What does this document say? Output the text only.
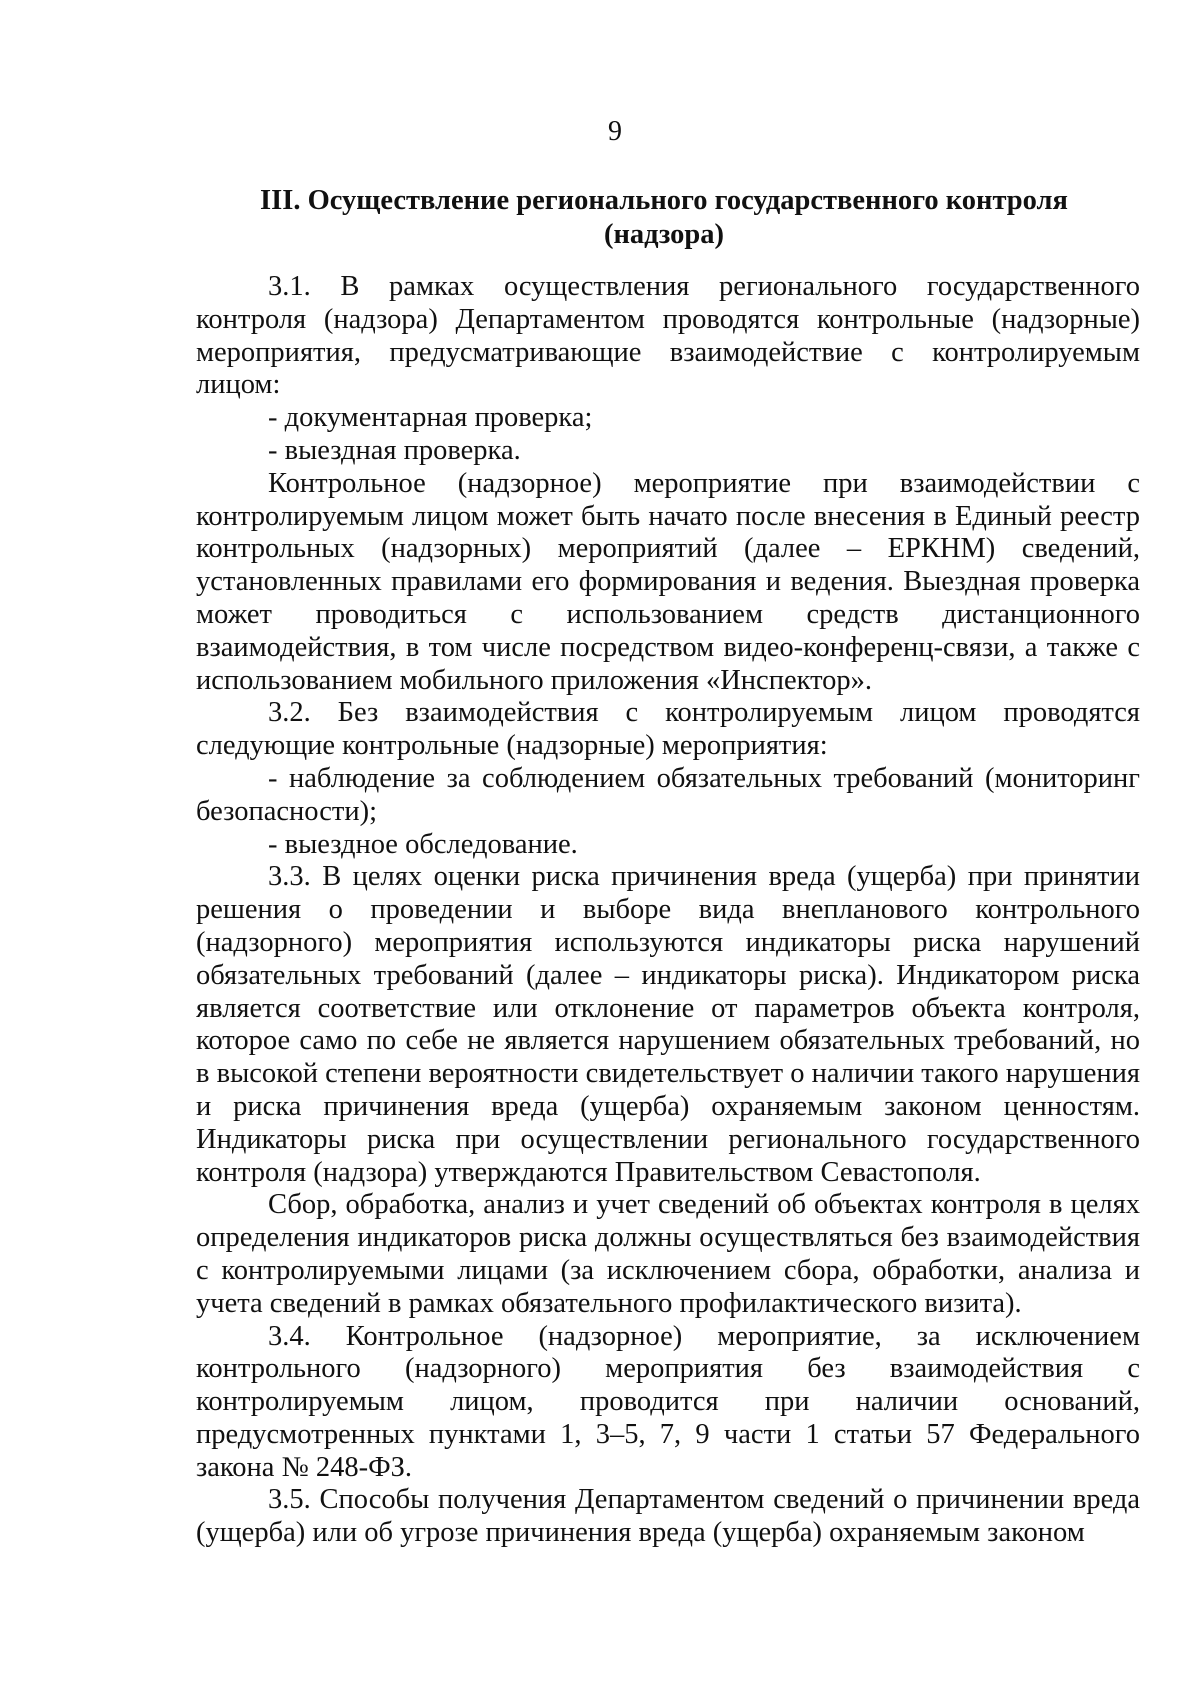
9
III. Осуществление регионального государственного контроля
(надзора)

3.1. В рамках осуществления регионального государственного контроля (надзора) Департаментом проводятся контрольные (надзорные) мероприятия, предусматривающие взаимодействие с контролируемым лицом:

- документарная проверка;

- выездная проверка.

Контрольное (надзорное) мероприятие при взаимодействии с контролируемым лицом может быть начато после внесения в Единый реестр контрольных (надзорных) мероприятий (далее – ЕРКНМ) сведений, установленных правилами его формирования и ведения. Выездная проверка может проводиться с использованием средств дистанционного взаимодействия, в том числе посредством видео-конференц-связи, а также с использованием мобильного приложения «Инспектор».

3.2. Без взаимодействия с контролируемым лицом проводятся следующие контрольные (надзорные) мероприятия:

- наблюдение за соблюдением обязательных требований (мониторинг безопасности);

- выездное обследование.

3.3. В целях оценки риска причинения вреда (ущерба) при принятии решения о проведении и выборе вида внепланового контрольного (надзорного) мероприятия используются индикаторы риска нарушений обязательных требований (далее – индикаторы риска). Индикатором риска является соответствие или отклонение от параметров объекта контроля, которое само по себе не является нарушением обязательных требований, но в высокой степени вероятности свидетельствует о наличии такого нарушения и риска причинения вреда (ущерба) охраняемым законом ценностям. Индикаторы риска при осуществлении регионального государственного контроля (надзора) утверждаются Правительством Севастополя.

Сбор, обработка, анализ и учет сведений об объектах контроля в целях определения индикаторов риска должны осуществляться без взаимодействия с контролируемыми лицами (за исключением сбора, обработки, анализа и учета сведений в рамках обязательного профилактического визита).

3.4. Контрольное (надзорное) мероприятие, за исключением контрольного (надзорного) мероприятия без взаимодействия с контролируемым лицом, проводится при наличии оснований, предусмотренных пунктами 1, 3–5, 7, 9 части 1 статьи 57 Федерального закона № 248-ФЗ.

3.5. Способы получения Департаментом сведений о причинении вреда (ущерба) или об угрозе причинения вреда (ущерба) охраняемым законом
